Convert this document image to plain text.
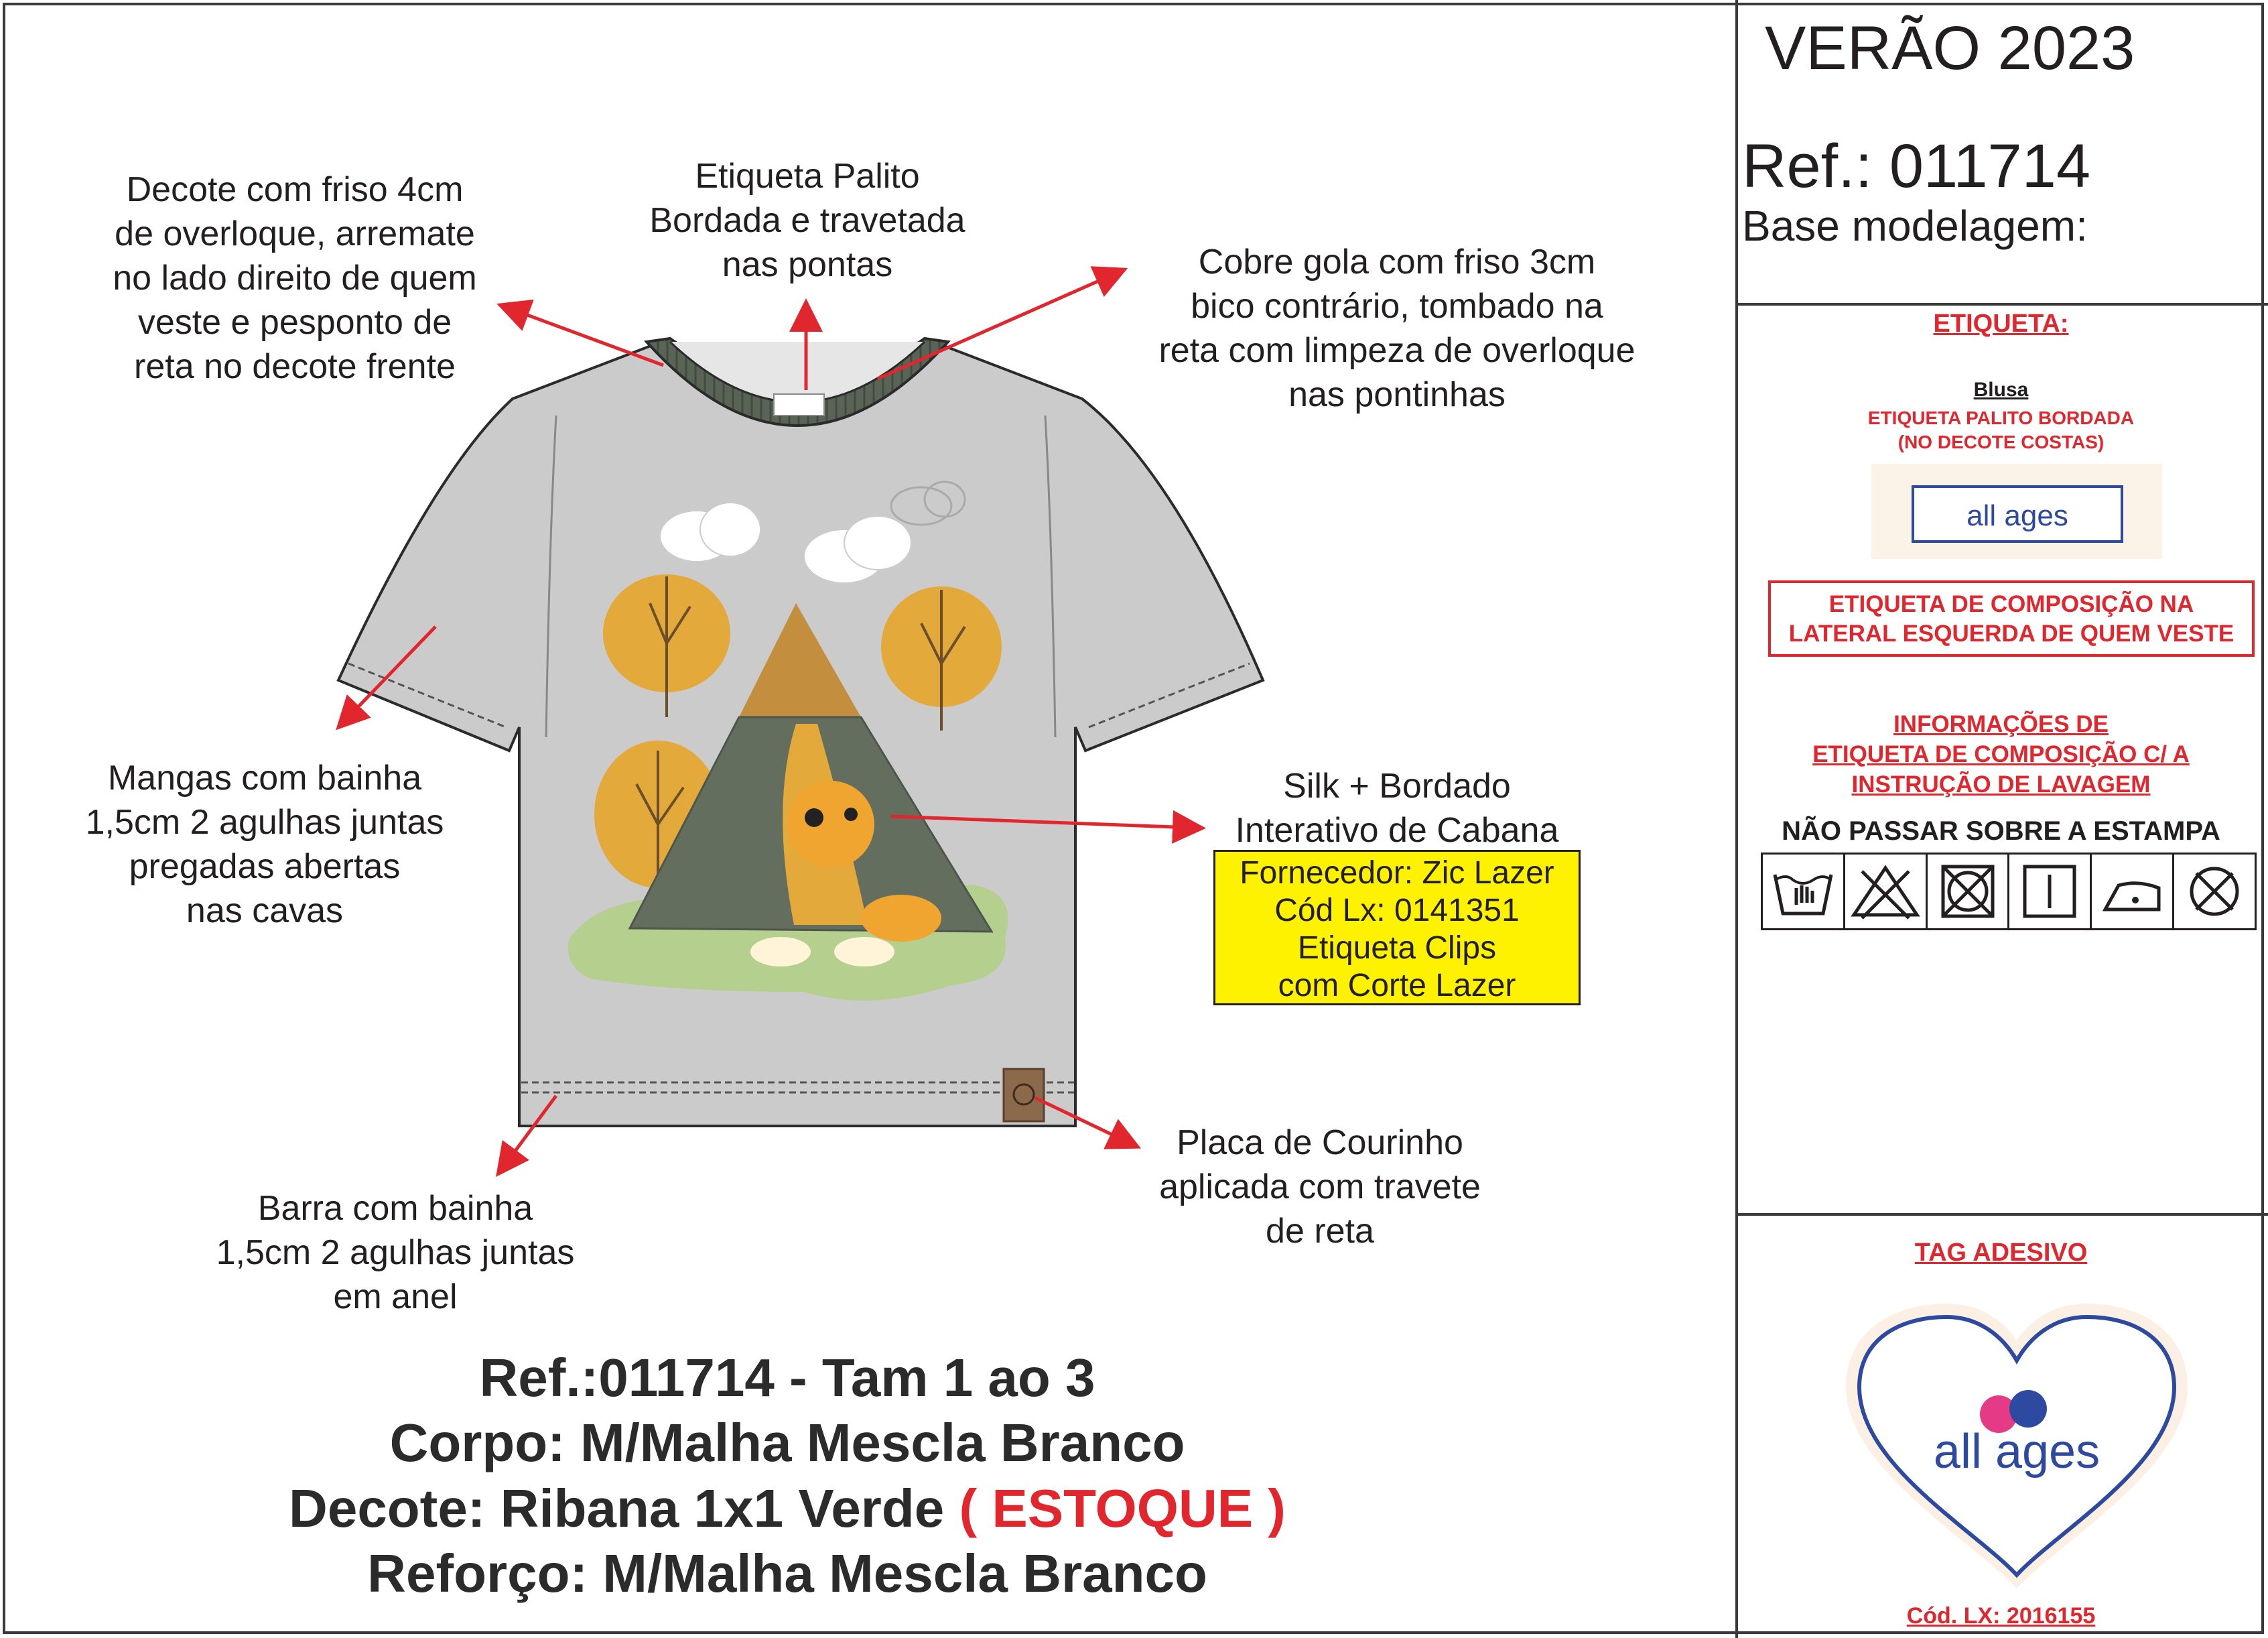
VERÃO 2023
Ref.: 011714
Base modelagem:
Decote com friso 4cm
de overloque, arremate
no lado direito de quem
veste e pesponto de
reta no decote frente
Etiqueta Palito
Bordada e travetada
nas pontas	Cobre gola com friso 3cm
bico contrário, tombado na
reta com limpeza de overloque
nas pontinhas
Mangas com bainha
1,5cm 2 agulhas juntas
pregadas abertas
nas cavas
Silk + Bordado
Interativo de Cabana
Fornecedor: Zic Lazer
Cód Lx: 0141351
Etiqueta Clips
com Corte Lazer
Placa de Courinho
aplicada com travete
de reta
Barra com bainha
1,5cm 2 agulhas juntas
em anel
Ref.:011714 - Tam 1 ao 3
Corpo: M/Malha Mescla Branco
Decote: Ribana 1x1 Verde ( ESTOQUE )
Reforço: M/Malha Mescla Branco
ETIQUETA:
Blusa
ETIQUETA PALITO BORDADA
(NO DECOTE COSTAS)
all ages
ETIQUETA DE COMPOSIÇÃO NA
LATERAL ESQUERDA DE QUEM VESTE
INFORMAÇÕES DE
ETIQUETA DE COMPOSIÇÃO C/ A
INSTRUÇÃO DE LAVAGEM
NÃO PASSAR SOBRE A ESTAMPA
TAG ADESIVO
all ages
Cód. LX: 2016155
